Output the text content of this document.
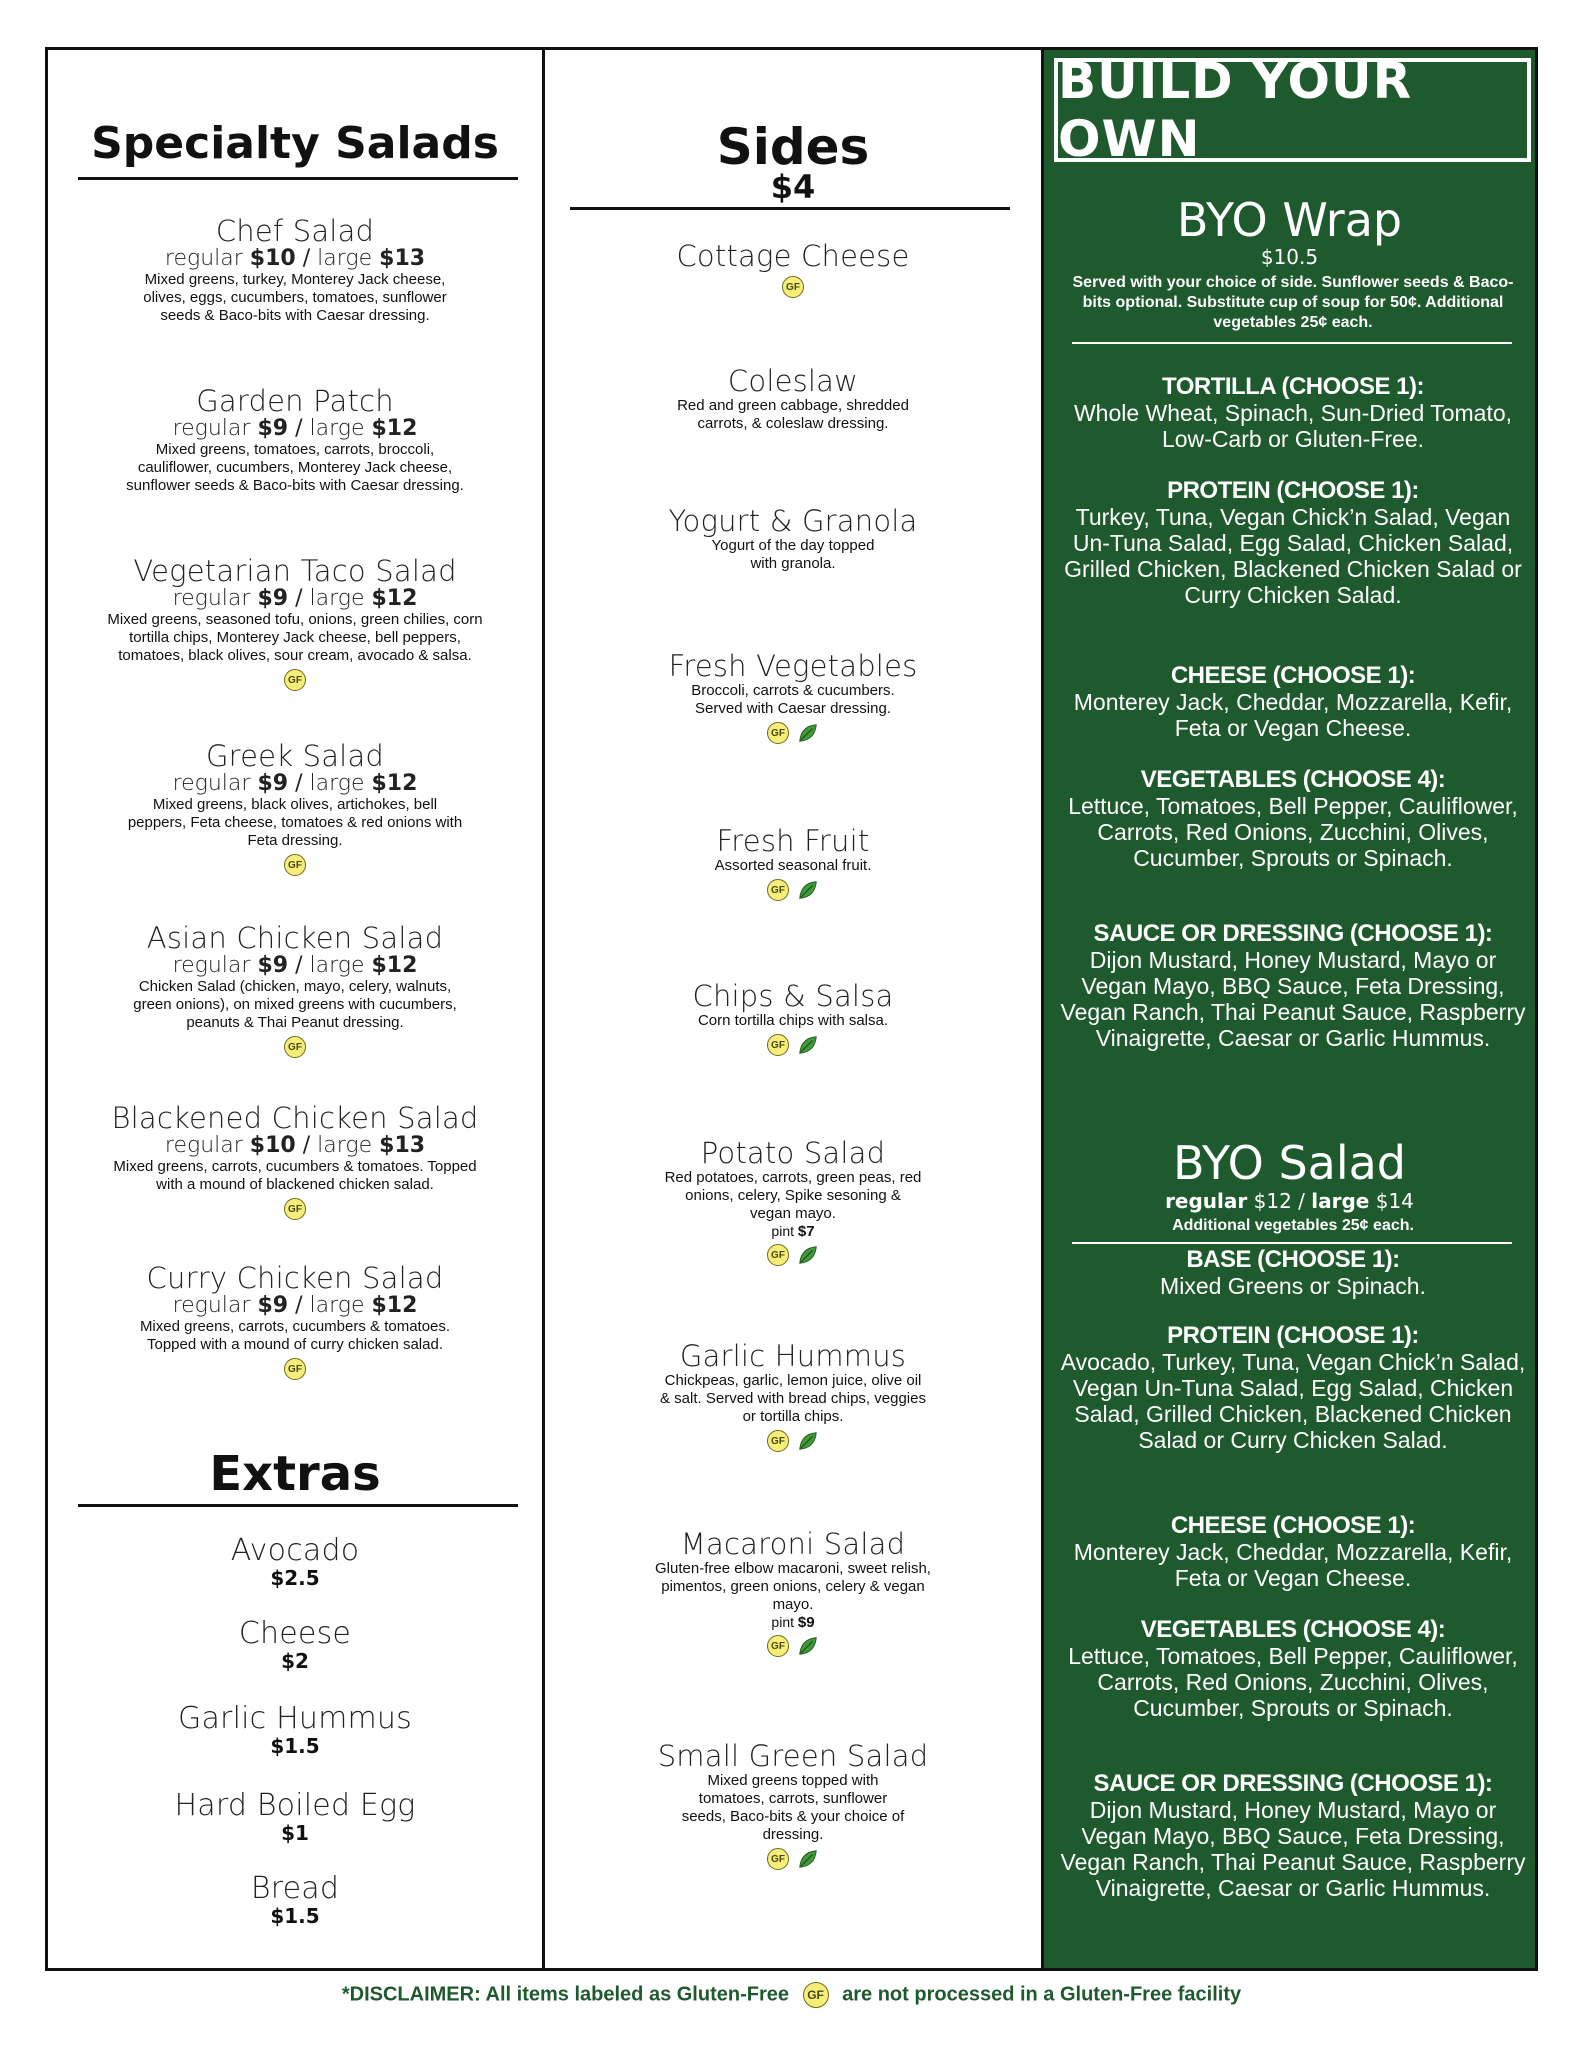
Specialty Salads
Chef Salad
regular $10 / large $13
Mixed greens, turkey, Monterey Jack cheese, olives, eggs, cucumbers, tomatoes, sunflower seeds & Baco-bits with Caesar dressing.
Garden Patch
regular $9 / large $12
Mixed greens, tomatoes, carrots, broccoli, cauliflower, cucumbers, Monterey Jack cheese, sunflower seeds & Baco-bits with Caesar dressing.
Vegetarian Taco Salad
regular $9 / large $12
Mixed greens, seasoned tofu, onions, green chilies, corn tortilla chips, Monterey Jack cheese, bell peppers, tomatoes, black olives, sour cream, avocado & salsa.
GF
Greek Salad
regular $9 / large $12
Mixed greens, black olives, artichokes, bell peppers, Feta cheese, tomatoes & red onions with Feta dressing.
GF
Asian Chicken Salad
regular $9 / large $12
Chicken Salad (chicken, mayo, celery, walnuts, green onions), on mixed greens with cucumbers, peanuts & Thai Peanut dressing.
GF
Blackened Chicken Salad
regular $10 / large $13
Mixed greens, carrots, cucumbers & tomatoes. Topped with a mound of blackened chicken salad.
GF
Curry Chicken Salad
regular $9 / large $12
Mixed greens, carrots, cucumbers & tomatoes. Topped with a mound of curry chicken salad.
GF
Extras
Avocado
$2.5
Cheese
$2
Garlic Hummus
$1.5
Hard Boiled Egg
$1
Bread
$1.5
Sides
$4
Cottage Cheese
GF
Coleslaw
Red and green cabbage, shredded carrots, & coleslaw dressing.
Yogurt & Granola
Yogurt of the day topped with granola.
Fresh Vegetables
Broccoli, carrots & cucumbers. Served with Caesar dressing.
GF
Fresh Fruit
Assorted seasonal fruit.
GF
Chips & Salsa
Corn tortilla chips with salsa.
GF
Potato Salad
Red potatoes, carrots, green peas, red onions, celery, Spike sesoning & vegan mayo.
pint $7
GF
Garlic Hummus
Chickpeas, garlic, lemon juice, olive oil & salt. Served with bread chips, veggies or tortilla chips.
GF
Macaroni Salad
Gluten-free elbow macaroni, sweet relish, pimentos, green onions, celery & vegan mayo.
pint $9
GF
Small Green Salad
Mixed greens topped with tomatoes, carrots, sunflower seeds, Baco-bits & your choice of dressing.
GF
BUILD YOUR OWN
BYO Wrap
$10.5
Served with your choice of side. Sunflower seeds & Baco-bits optional. Substitute cup of soup for 50¢. Additional vegetables 25¢ each.
TORTILLA (CHOOSE 1):
Whole Wheat, Spinach, Sun-Dried Tomato, Low-Carb or Gluten-Free.
PROTEIN (CHOOSE 1):
Turkey, Tuna, Vegan Chick’n Salad, Vegan Un-Tuna Salad, Egg Salad, Chicken Salad, Grilled Chicken, Blackened Chicken Salad or Curry Chicken Salad.
CHEESE (CHOOSE 1):
Monterey Jack, Cheddar, Mozzarella, Kefir, Feta or Vegan Cheese.
VEGETABLES (CHOOSE 4):
Lettuce, Tomatoes, Bell Pepper, Cauliflower, Carrots, Red Onions, Zucchini, Olives, Cucumber, Sprouts or Spinach.
SAUCE OR DRESSING (CHOOSE 1):
Dijon Mustard, Honey Mustard, Mayo or Vegan Mayo, BBQ Sauce, Feta Dressing, Vegan Ranch, Thai Peanut Sauce, Raspberry Vinaigrette, Caesar or Garlic Hummus.
BYO Salad
regular $12 / large $14
Additional vegetables 25¢ each.
BASE (CHOOSE 1):
Mixed Greens or Spinach.
PROTEIN (CHOOSE 1):
Avocado, Turkey, Tuna, Vegan Chick’n Salad, Vegan Un-Tuna Salad, Egg Salad, Chicken Salad, Grilled Chicken, Blackened Chicken Salad or Curry Chicken Salad.
CHEESE (CHOOSE 1):
Monterey Jack, Cheddar, Mozzarella, Kefir, Feta or Vegan Cheese.
VEGETABLES (CHOOSE 4):
Lettuce, Tomatoes, Bell Pepper, Cauliflower, Carrots, Red Onions, Zucchini, Olives, Cucumber, Sprouts or Spinach.
SAUCE OR DRESSING (CHOOSE 1):
Dijon Mustard, Honey Mustard, Mayo or Vegan Mayo, BBQ Sauce, Feta Dressing, Vegan Ranch, Thai Peanut Sauce, Raspberry Vinaigrette, Caesar or Garlic Hummus.
*DISCLAIMER: All items labeled as Gluten-Free GF are not processed in a Gluten-Free facility
